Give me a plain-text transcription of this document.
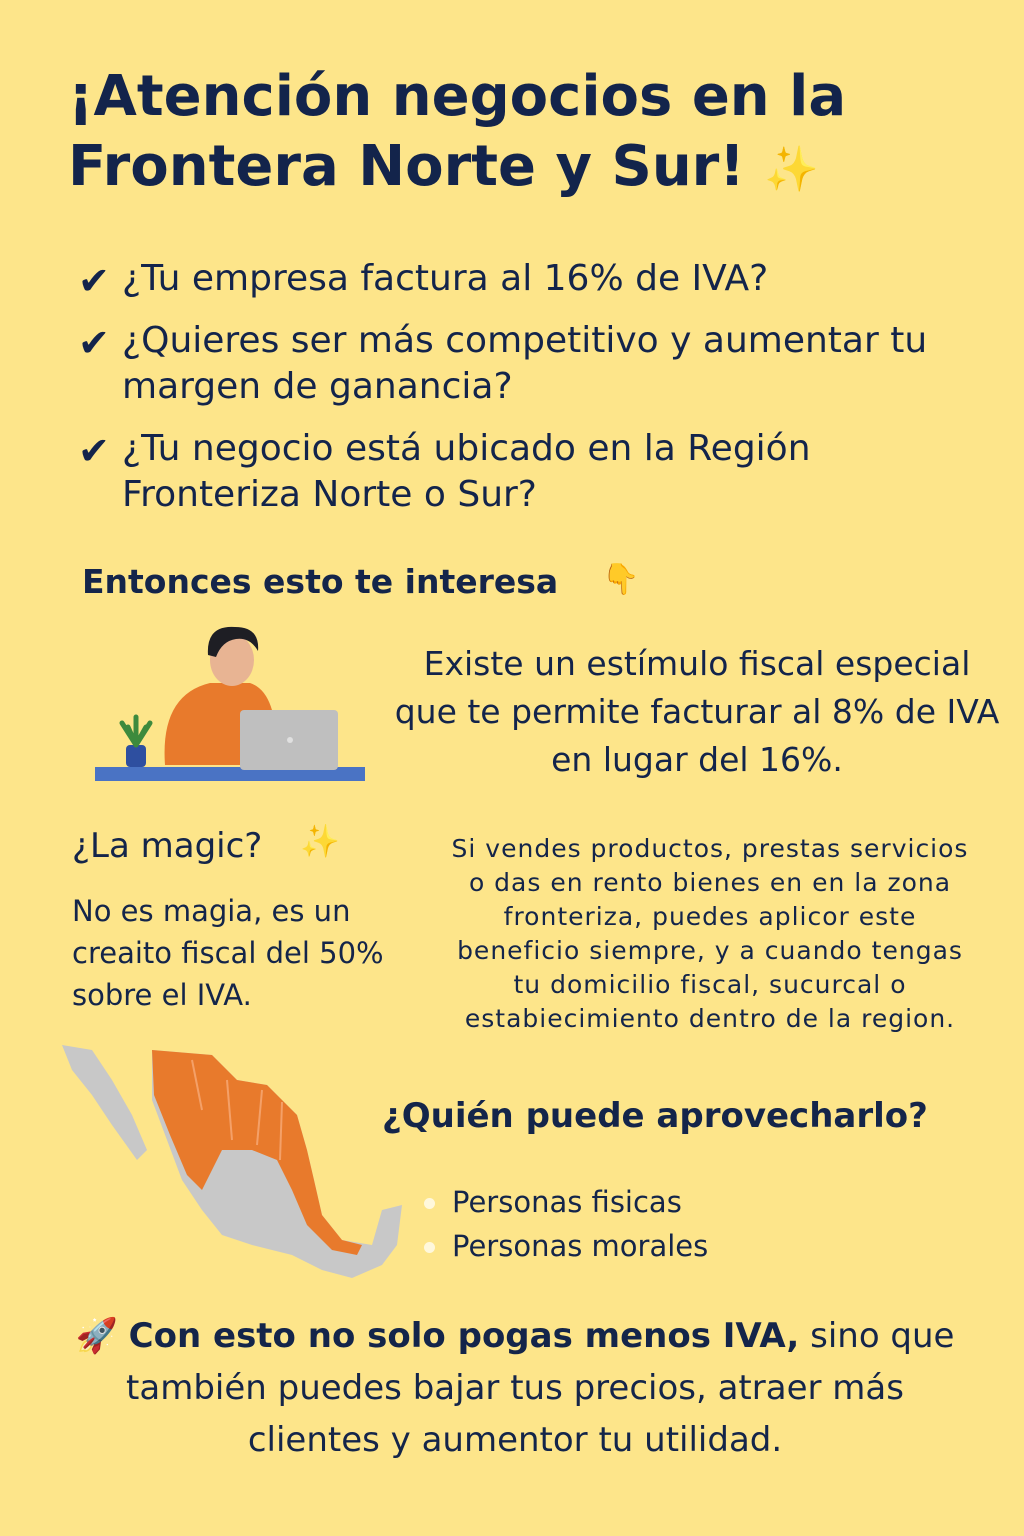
¡Atención negocios en la
Frontera Norte y Sur! ✨
✔ ¿Tu empresa factura al 16% de IVA?
✔ ¿Quieres ser más competitivo y aumentar tu margen de ganancia?
✔ ¿Tu negocio está ubicado en la Región Fronteriza Norte o Sur?
Entonces esto te interesa 👇
Existe un estímulo fiscal especial que te permite facturar al 8% de IVA en lugar del 16%.
¿La magic? ✨
No es magia, es un creaito fiscal del 50% sobre el IVA.
Si vendes productos, prestas servicios o das en rento bienes en en la zona fronteriza, puedes aplicor este beneficio siempre, y a cuando tengas tu domicilio fiscal, sucurcal o estabiecimiento dentro de la region.
¿Quién puede aprovecharlo?
Personas fisicas
Personas morales
🚀 Con esto no solo pogas menos IVA, sino que también puedes bajar tus precios, atraer más clientes y aumentor tu utilidad.
